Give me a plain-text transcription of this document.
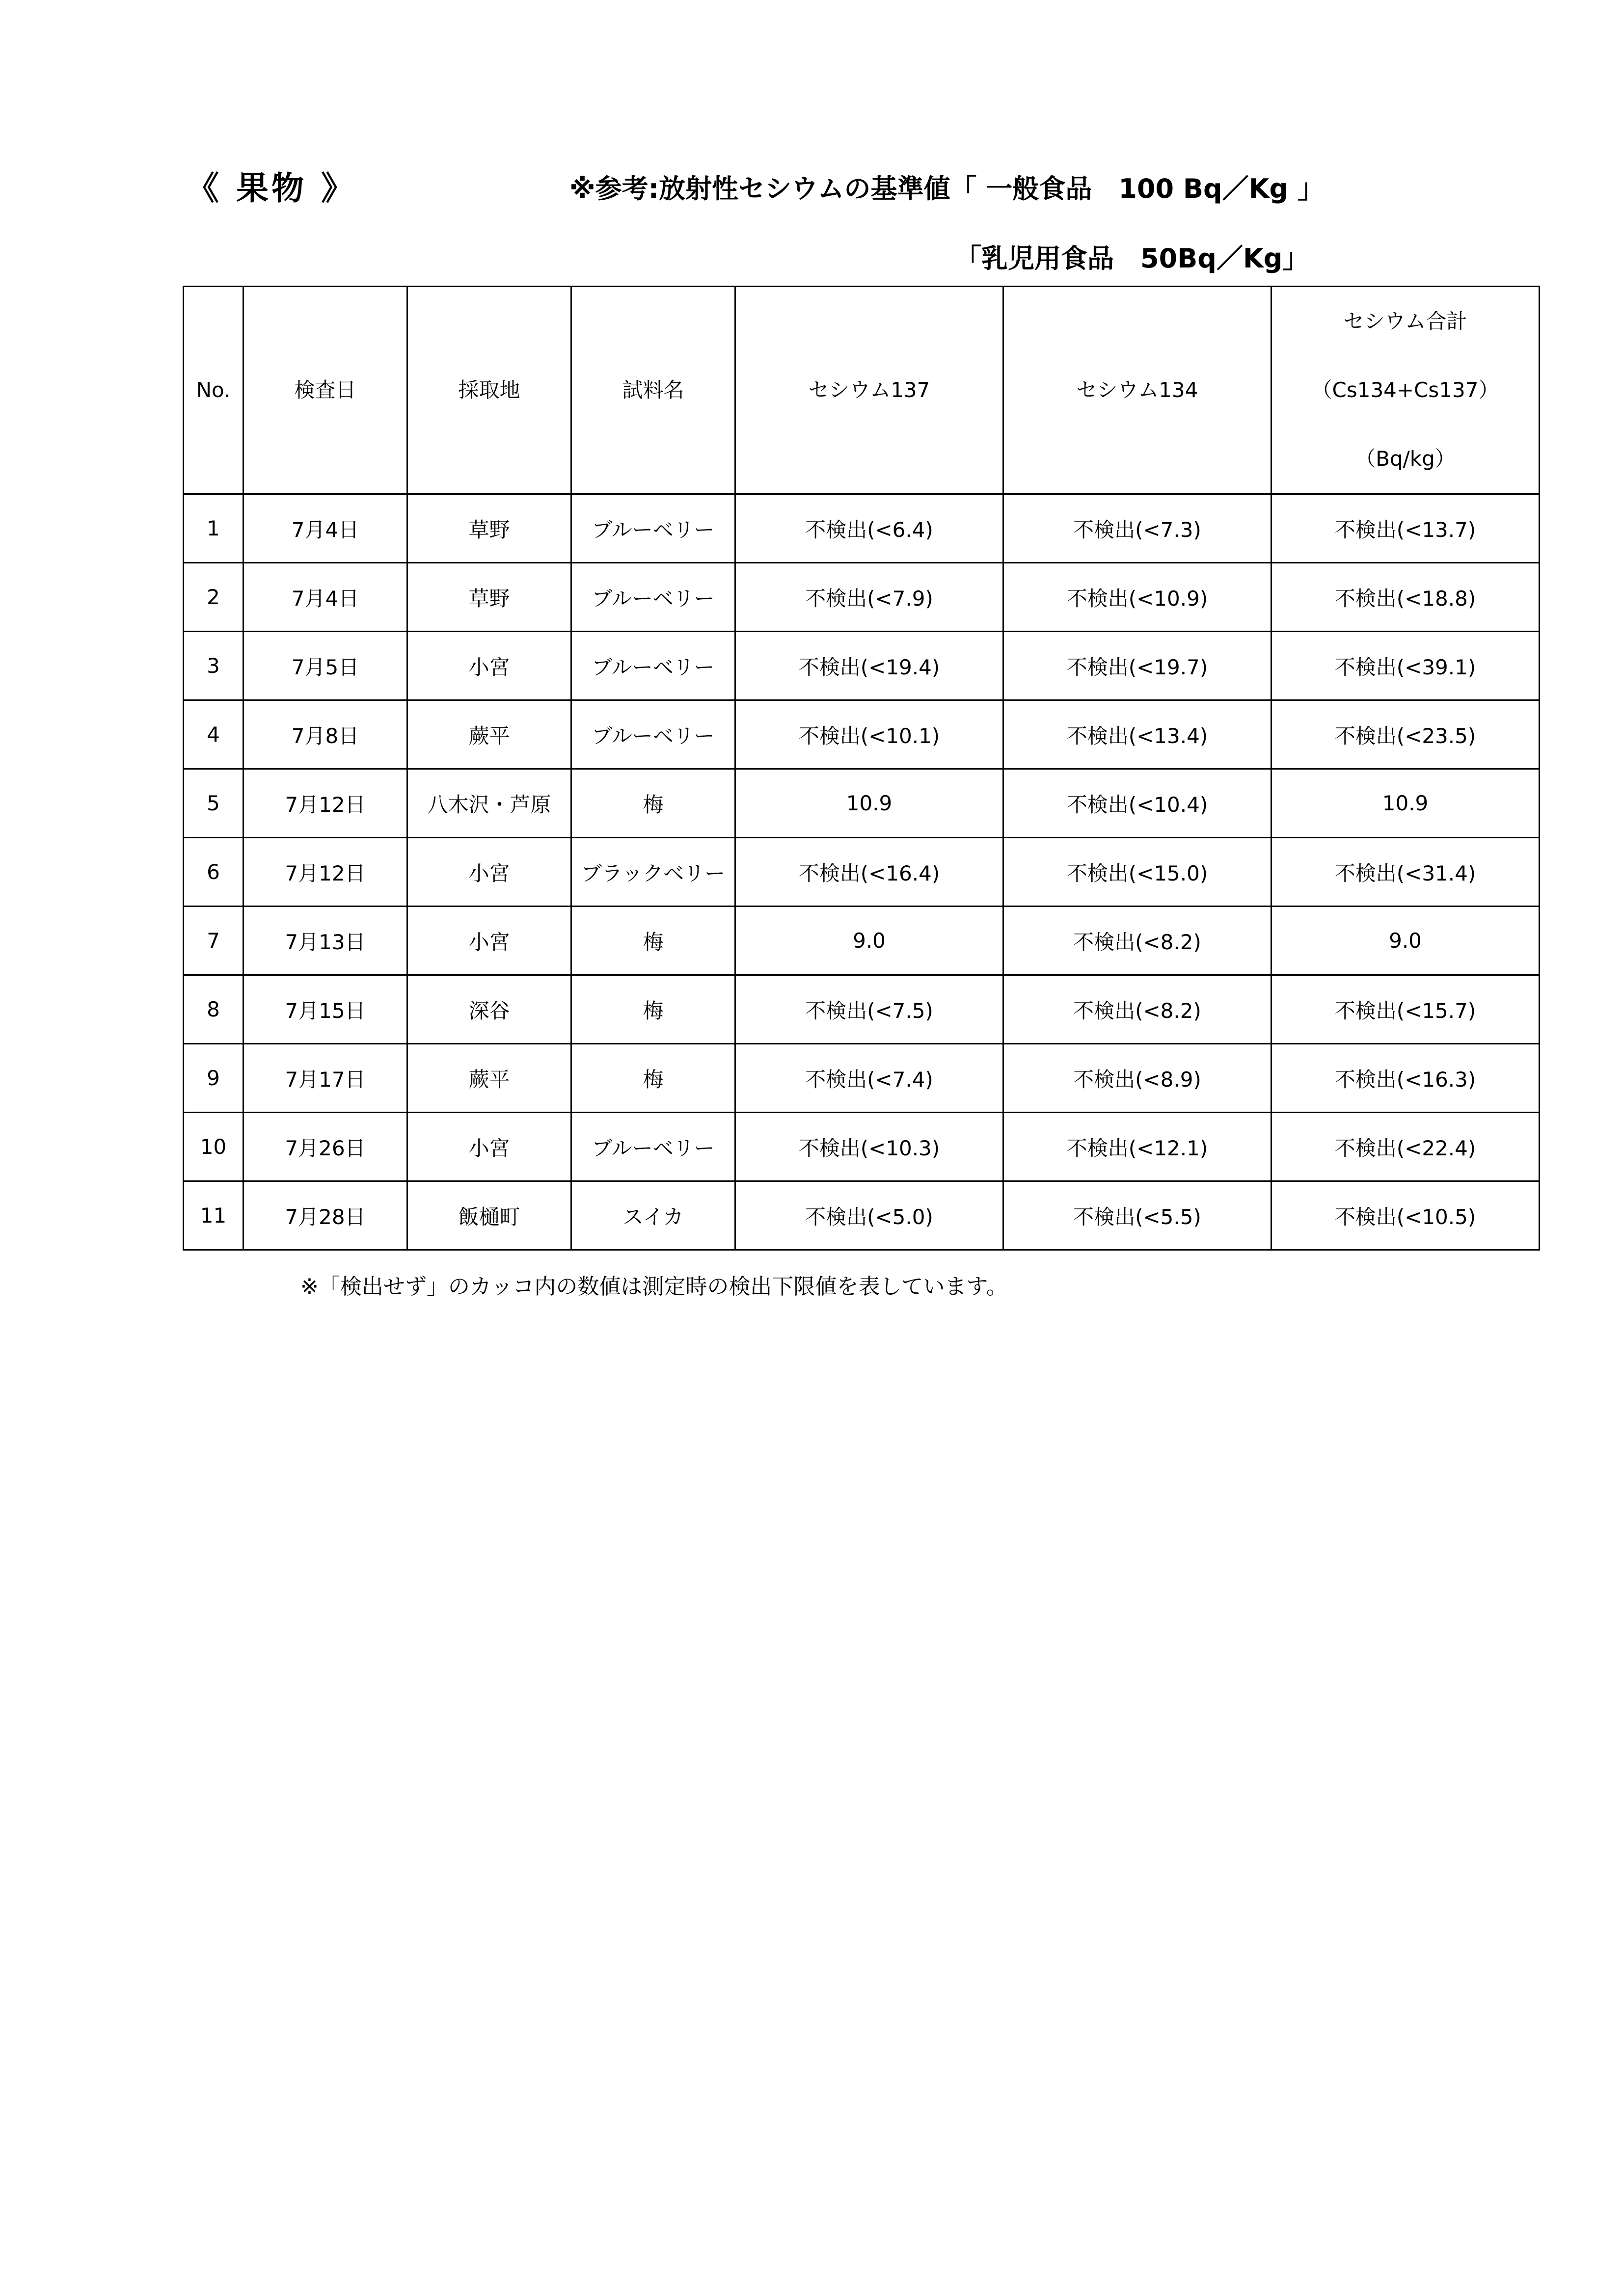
《 果物 》	※参考:放射性セシウムの基準値「 一般食品　100 Bq／Kg 」
「乳児用食品　50Bq／Kg」
No.	検査日	採取地	試料名	セシウム137	セシウム134	セシウム合計
（Cs134+Cs137）
（Bq/kg）

1	7月4日	草野	ブルーベリー	不検出(<6.4)	不検出(<7.3)	不検出(<13.7)
2	7月4日	草野	ブルーベリー	不検出(<7.9)	不検出(<10.9)	不検出(<18.8)
3	7月5日	小宮	ブルーベリー	不検出(<19.4)	不検出(<19.7)	不検出(<39.1)
4	7月8日	蕨平	ブルーベリー	不検出(<10.1)	不検出(<13.4)	不検出(<23.5)
5	7月12日	八木沢・芦原	梅	10.9	不検出(<10.4)	10.9
6	7月12日	小宮	ブラックベリー	不検出(<16.4)	不検出(<15.0)	不検出(<31.4)
7	7月13日	小宮	梅	9.0	不検出(<8.2)	9.0
8	7月15日	深谷	梅	不検出(<7.5)	不検出(<8.2)	不検出(<15.7)
9	7月17日	蕨平	梅	不検出(<7.4)	不検出(<8.9)	不検出(<16.3)
10	7月26日	小宮	ブルーベリー	不検出(<10.3)	不検出(<12.1)	不検出(<22.4)
11	7月28日	飯樋町	スイカ	不検出(<5.0)	不検出(<5.5)	不検出(<10.5)
※「検出せず」のカッコ内の数値は測定時の検出下限値を表しています。
